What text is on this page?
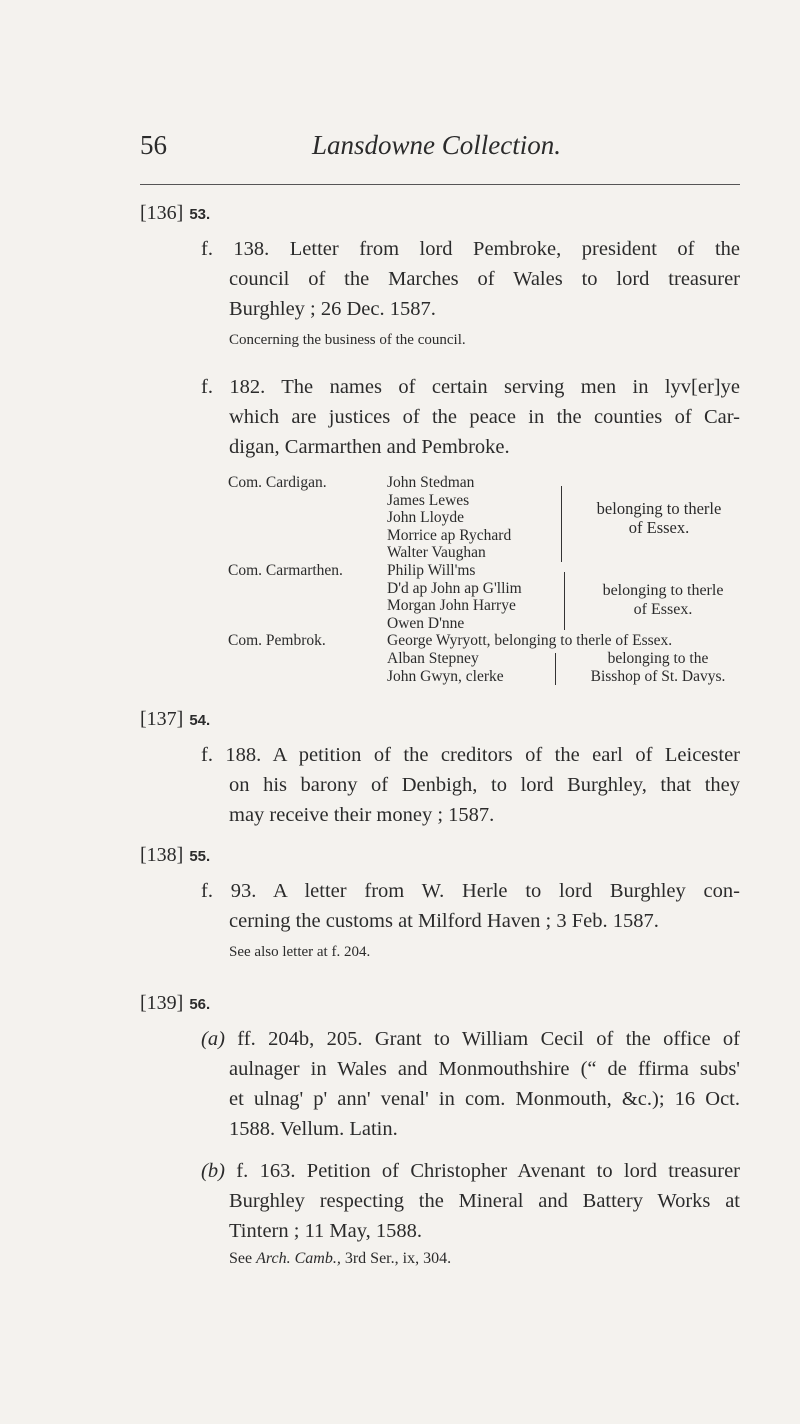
56	Lansdowne Collection.
[136] 53.
f. 138. Letter from lord Pembroke, president of the
council of the Marches of Wales to lord treasurer
Burghley ; 26 Dec. 1587.
Concerning the business of the council.
f. 182. The names of certain serving men in lyv[er]ye
which are justices of the peace in the counties of Car-
digan, Carmarthen and Pembroke.
Com. Cardigan.
Com. Carmarthen.
Com. Pembrok.
John Stedman
James Lewes
John Lloyde
Morrice ap Rychard
Walter Vaughan
belonging to therle
of Essex.
Philip Will'ms
D'd ap John ap G'llim
Morgan John Harrye
Owen D'nne
belonging to therle
of Essex.
George Wyryott, belonging to therle of Essex.
Alban Stepney
John Gwyn, clerke
belonging to the
Bisshop of St. Davys.
[137] 54.
f. 188. A petition of the creditors of the earl of Leicester
on his barony of Denbigh, to lord Burghley, that they
may receive their money ; 1587.
[138] 55.
f. 93. A letter from W. Herle to lord Burghley con-
cerning the customs at Milford Haven ; 3 Feb. 1587.
See also letter at f. 204.
[139] 56.
(a) ff. 204b, 205. Grant to William Cecil of the office of
aulnager in Wales and Monmouthshire (“ de ffirma subs'
et ulnag' p' ann' venal' in com. Monmouth, &c.); 16 Oct.
1588. Vellum. Latin.
(b) f. 163. Petition of Christopher Avenant to lord treasurer
Burghley respecting the Mineral and Battery Works at
Tintern ; 11 May, 1588.
See Arch. Camb., 3rd Ser., ix, 304.
